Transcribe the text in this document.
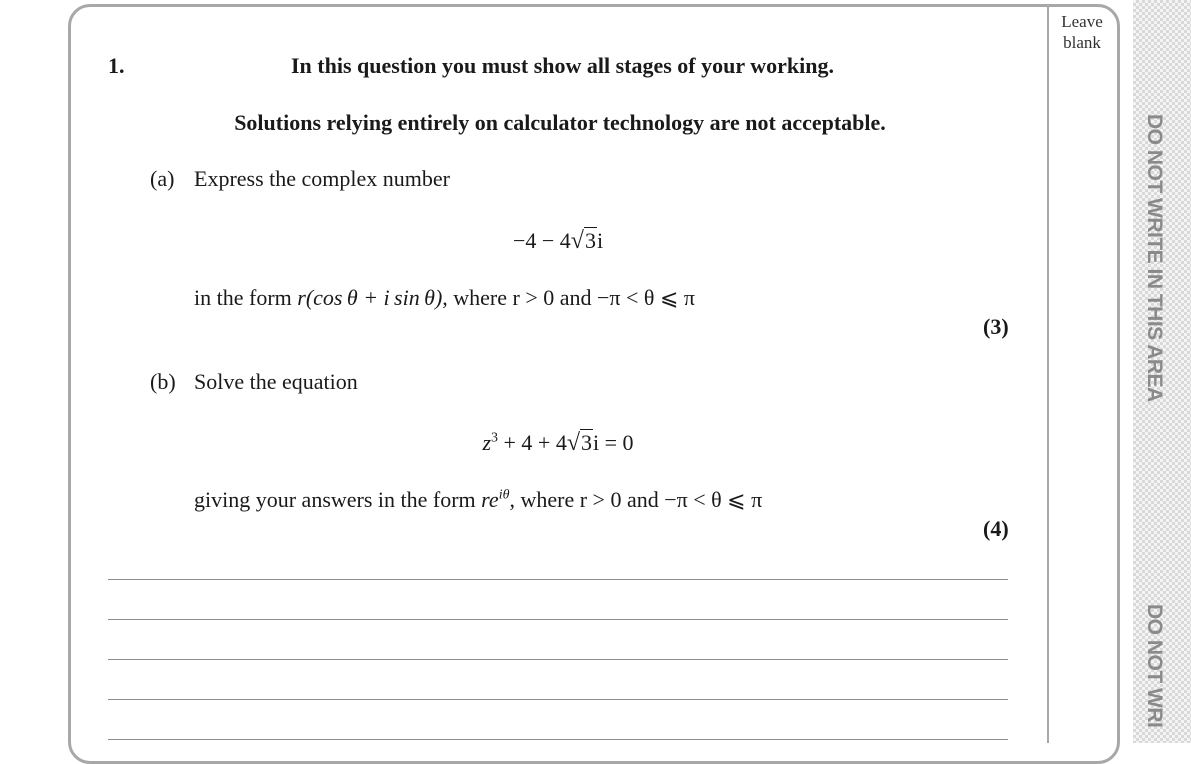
Leave
blank
DO NOT WRITE IN THIS AREA
DO NOT WRI
1.	In this question you must show all stages of your working.
Solutions relying entirely on calculator technology are not acceptable.
(a) Express the complex number
−4 − 4√3i
in the form r(cos θ + i sin θ), where r > 0 and −π < θ ⩽ π
(3)
(b) Solve the equation
$z^3 + 4 + 4√3i = 0$
giving your answers in the form $re^{i\theta}$, where r > 0 and −π < θ ⩽ π
(4)
